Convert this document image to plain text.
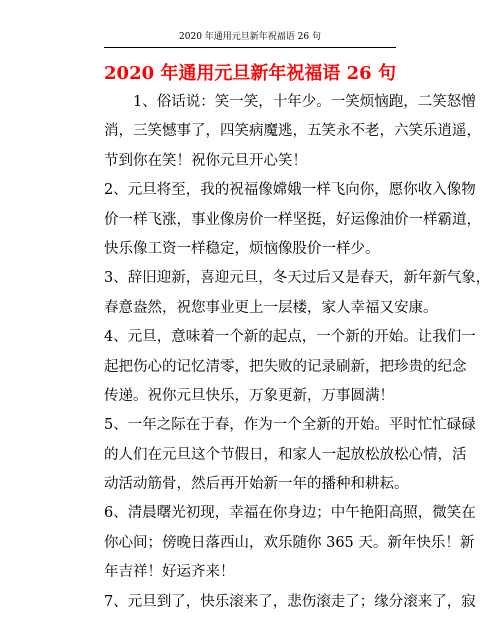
2020 年通用元旦新年祝福语 26 句
2020 年通用元旦新年祝福语 26 句
　　1、俗话说：笑一笑，十年少。一笑烦恼跑，二笑怒憎
消，三笑憾事了，四笑病魔逃，五笑永不老，六笑乐逍遥，
节到你在笑！祝你元旦开心笑！
2、元旦将至，我的祝福像嫦娥一样飞向你，愿你收入像物
价一样飞涨，事业像房价一样坚挺，好运像油价一样霸道，
快乐像工资一样稳定，烦恼像股价一样少。
3、辞旧迎新，喜迎元旦，冬天过后又是春天，新年新气象，
春意盎然，祝您事业更上一层楼，家人幸福又安康。
4、元旦，意味着一个新的起点，一个新的开始。让我们一
起把伤心的记忆清零，把失败的记录刷新，把珍贵的纪念
传递。祝你元旦快乐，万象更新，万事圆满！
5、一年之际在于春，作为一个全新的开始。平时忙忙碌碌
的人们在元旦这个节假日，和家人一起放松放松心情，活
动活动筋骨，然后再开始新一年的播种和耕耘。
6、清晨曙光初现，幸福在你身边；中午艳阳高照，微笑在
你心间；傍晚日落西山，欢乐随你 365 天。新年快乐！新
年吉祥！好运齐来！
7、元旦到了，快乐滚来了，悲伤滚走了；缘分滚来了，寂
